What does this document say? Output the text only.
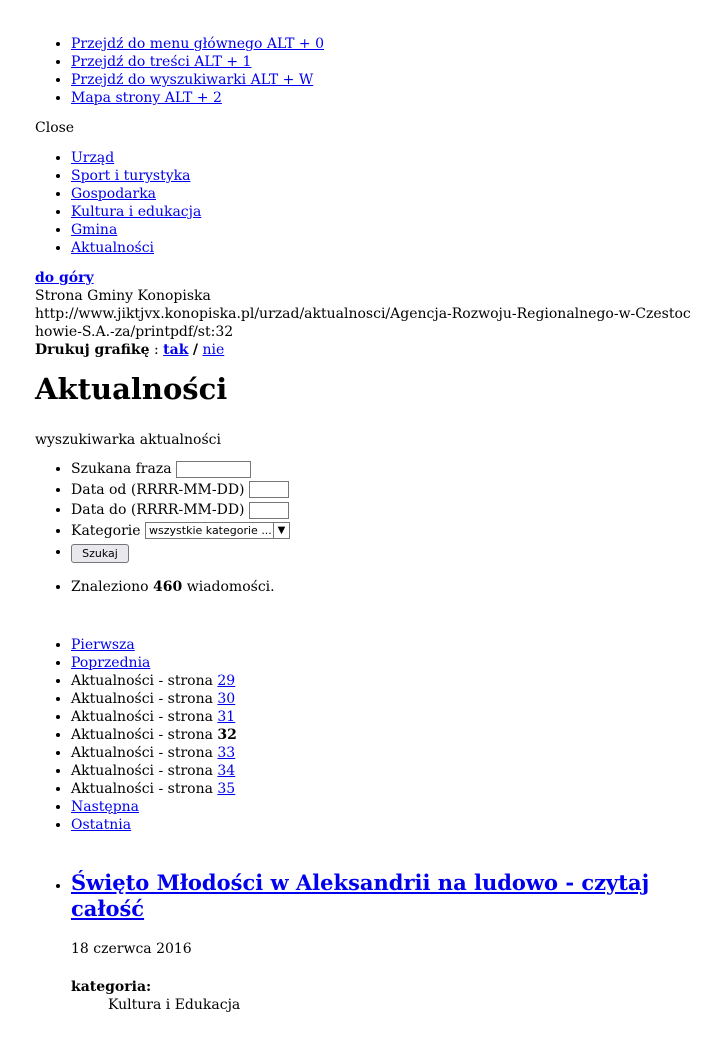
• Przejdź do menu głównego ALT + 0
• Przejdź do treści ALT + 1
• Przejdź do wyszukiwarki ALT + W
• Mapa strony ALT + 2
Close
• Urząd
• Sport i turystyka
• Gospodarka
• Kultura i edukacja
• Gmina
• Aktualności
do góry
Strona Gminy Konopiska
http://www.jiktjvx.konopiska.pl/urzad/aktualnosci/Agencja-Rozwoju-Regionalnego-w-Czestochowie-S.A.-za/printpdf/st:32
Drukuj grafikę : tak / nie
Aktualności
wyszukiwarka aktualności
• Szukana fraza
• Data od (RRRR-MM-DD)
• Data do (RRRR-MM-DD)
• Kategorie wszystkie kategorie ... ▼
• Szukaj
• Znaleziono 460 wiadomości.
• Pierwsza
• Poprzednia
• Aktualności - strona 29
• Aktualności - strona 30
• Aktualności - strona 31
• Aktualności - strona 32
• Aktualności - strona 33
• Aktualności - strona 34
• Aktualności - strona 35
• Następna
• Ostatnia
• Święto Młodości w Aleksandrii na ludowo - czytaj całość
18 czerwca 2016
kategoria:
Kultura i Edukacja
